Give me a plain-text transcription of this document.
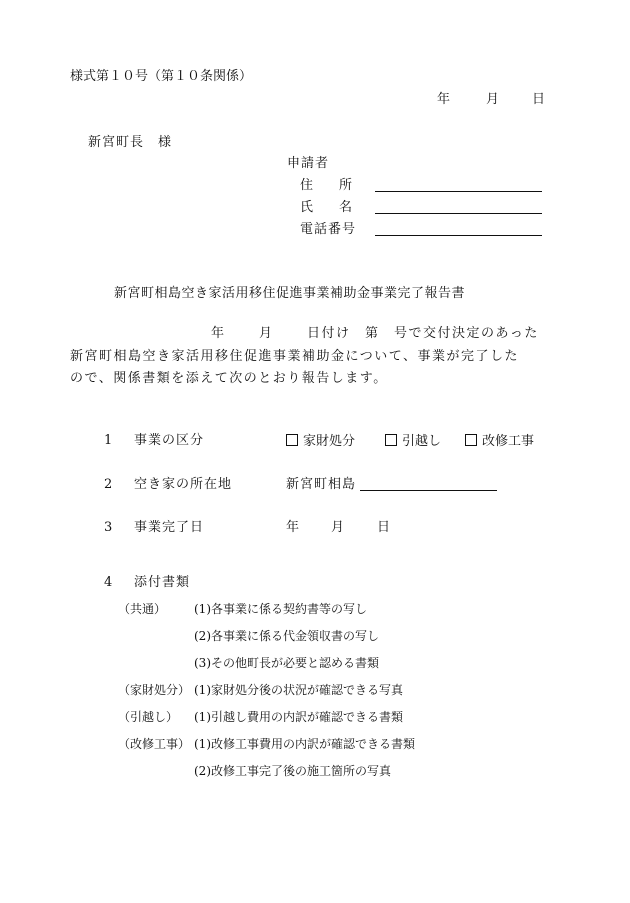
様式第１０号（第１０条関係）
年	月	日
新宮町長　様
申請者
住　　所
氏　　名
電話番号
新宮町相島空き家活用移住促進事業補助金事業完了報告書
年	月	日付け　第　号で交付決定のあった
新宮町相島空き家活用移住促進事業補助金について、事業が完了した
ので、関係書類を添えて次のとおり報告します。
1 事業の区分	家財処分	引越し	改修工事
2 空き家の所在地	新宮町相島
3 事業完了日	年 月	日
4 添付書類
（共通） (1)各事業に係る契約書等の写し
(2)各事業に係る代金領収書の写し
(3)その他町長が必要と認める書類
（家財処分） (1)家財処分後の状況が確認できる写真
（引越し） (1)引越し費用の内訳が確認できる書類
（改修工事） (1)改修工事費用の内訳が確認できる書類
(2)改修工事完了後の施工箇所の写真
